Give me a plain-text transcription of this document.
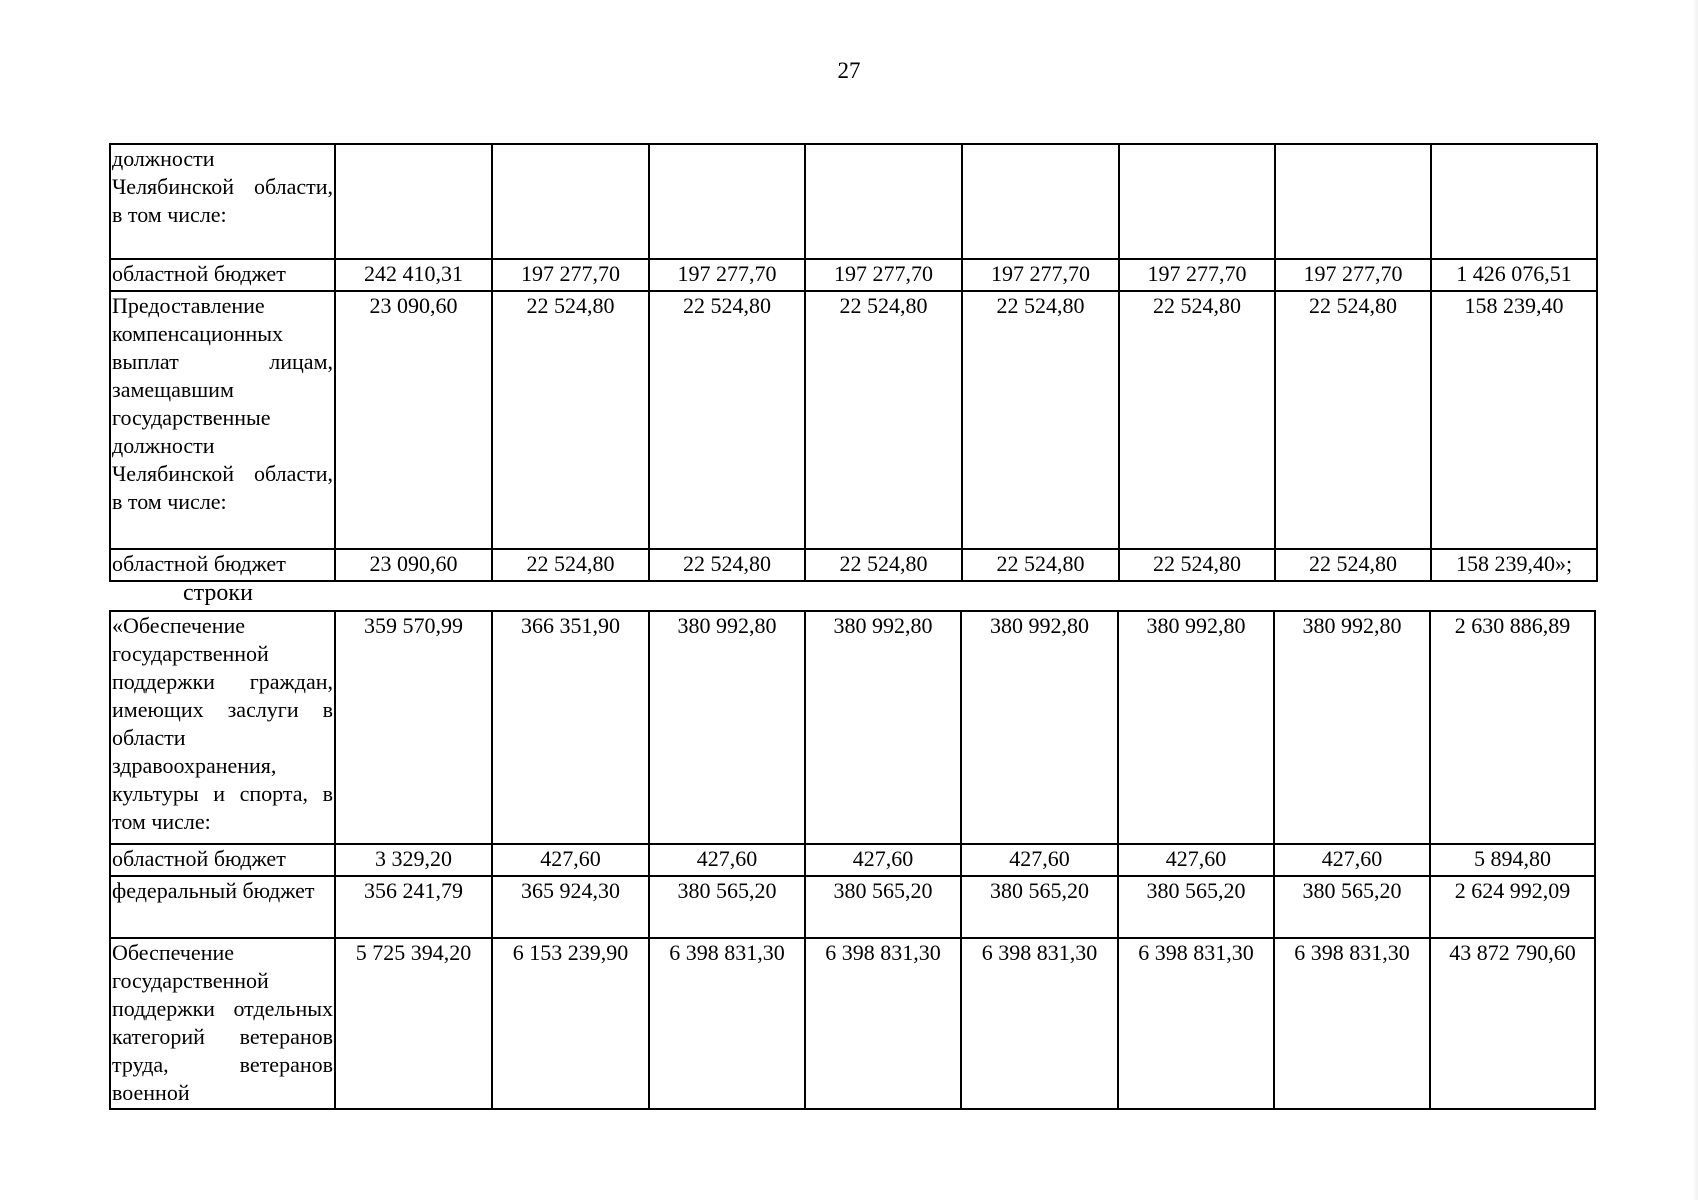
27
должности Челябинской области, в том числе:								
областной бюджет	242 410,31	197 277,70	197 277,70	197 277,70	197 277,70	197 277,70	197 277,70	1 426 076,51
Предоставление компенсационных выплат лицам, замещавшим государственные должности Челябинской области, в том числе:	23 090,60	22 524,80	22 524,80	22 524,80	22 524,80	22 524,80	22 524,80	158 239,40
областной бюджет	23 090,60	22 524,80	22 524,80	22 524,80	22 524,80	22 524,80	22 524,80	158 239,40»;
строки
«Обеспечение государственной поддержки граждан, имеющих заслуги в области здравоохранения, культуры и спорта, в том числе:	359 570,99	366 351,90	380 992,80	380 992,80	380 992,80	380 992,80	380 992,80	2 630 886,89
областной бюджет	3 329,20	427,60	427,60	427,60	427,60	427,60	427,60	5 894,80
федеральный бюджет	356 241,79	365 924,30	380 565,20	380 565,20	380 565,20	380 565,20	380 565,20	2 624 992,09
Обеспечение государственной поддержки отдельных категорий ветеранов труда, ветеранов военной	5 725 394,20	6 153 239,90	6 398 831,30	6 398 831,30	6 398 831,30	6 398 831,30	6 398 831,30	43 872 790,60
